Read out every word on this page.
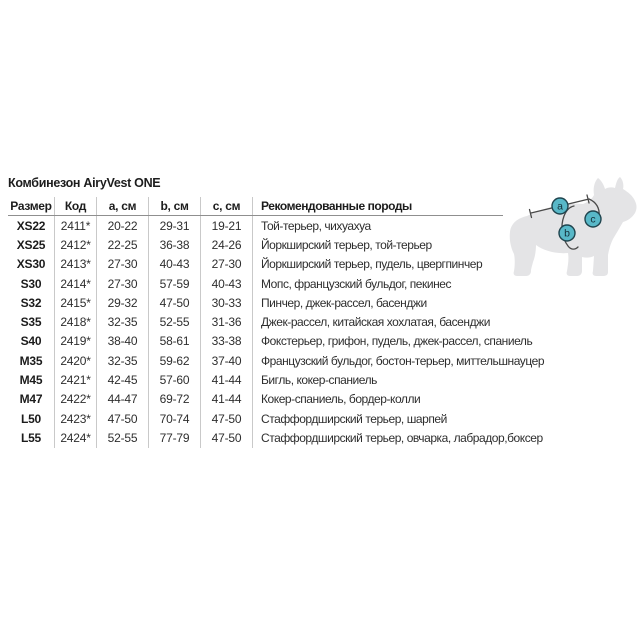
Комбинезон AiryVest ONE
Размер	Код	a, см	b, см	c, см	Рекомендованные породы
XS22	2411*	20-22	29-31	19-21	Той-терьер, чихуахуа
XS25	2412*	22-25	36-38	24-26	Йоркширский терьер, той-терьер
XS30	2413*	27-30	40-43	27-30	Йоркширский терьер, пудель, цвергпинчер
S30	2414*	27-30	57-59	40-43	Мопс, французский бульдог, пекинес
S32	2415*	29-32	47-50	30-33	Пинчер, джек-рассел, басенджи
S35	2418*	32-35	52-55	31-36	Джек-рассел, китайская хохлатая, басенджи
S40	2419*	38-40	58-61	33-38	Фокстерьер, грифон, пудель, джек-рассел, спаниель
M35	2420*	32-35	59-62	37-40	Французский бульдог, бостон-терьер, миттельшнауцер
M45	2421*	42-45	57-60	41-44	Бигль, кокер-спаниель
M47	2422*	44-47	69-72	41-44	Кокер-спаниель, бордер-колли
L50	2423*	47-50	70-74	47-50	Стаффордширский терьер, шарпей
L55	2424*	52-55	77-79	47-50	Стаффордширский терьер, овчарка, лабрадор,боксер
a
b
c
